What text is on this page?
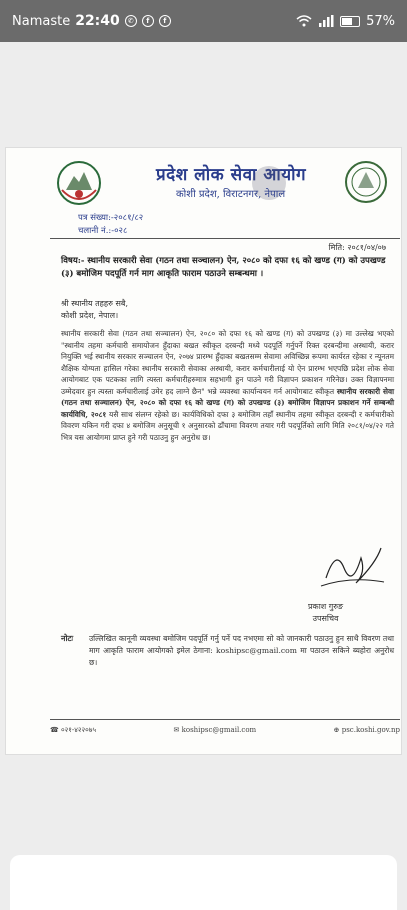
Namaste 22:40	✆	f	f	57%
प्रदेश लोक सेवा आयोग
कोशी प्रदेश, विराटनगर, नेपाल
पत्र संख्या:-२०८१/८२
चलानी नं.:-०२८
मिति: २०८१/०४/०७
विषय:- स्थानीय सरकारी सेवा (गठन तथा सञ्चालन) ऐन, २०८० को दफा १६ को खण्ड (ग) को उपखण्ड (३) बमोजिम पदपूर्ति गर्न माग आकृति फाराम पठाउने सम्बन्धमा ।
श्री स्थानीय तहहरु सबै,
कोशी प्रदेश, नेपाल।
स्थानीय सरकारी सेवा (गठन तथा सञ्चालन) ऐन, २०८० को दफा १६ को खण्ड (ग) को उपखण्ड (३) मा उल्लेख भएको "स्थानीय तहमा कर्मचारी समायोजन हुँदाका बखत स्वीकृत दरबन्दी मध्ये पदपूर्ति गर्नुपर्ने रिक्त दरबन्दीमा अस्थायी, करार नियुक्ति भई स्थानीय सरकार सञ्चालन ऐन, २०७४ प्रारम्भ हुँदाका बखतसम्म सेवामा अविच्छिन्न रूपमा कार्यरत रहेका र न्यूनतम शैक्षिक योग्यता हासिल गरेका स्थानीय सरकारी सेवाका अस्थायी, करार कर्मचारीलाई यो ऐन प्रारम्भ भएपछि प्रदेश लोक सेवा आयोगबाट एक पटकका लागि त्यस्ता कर्मचारीहरुमात्र सहभागी हुन पाउने गरी विज्ञापन प्रकाशन गरिनेछ। उक्त विज्ञापनमा उम्मेदवार हुन त्यस्ता कर्मचारीलाई उमेर हद लाग्ने छैन" भन्ने व्यवस्था कार्यान्वयन गर्न आयोगबाट स्वीकृत स्थानीय सरकारी सेवा (गठन तथा सञ्चालन) ऐन, २०८० को दफा १६ को खण्ड (ग) को उपखण्ड (३) बमोजिम विज्ञापन प्रकाशन गर्ने सम्बन्धी कार्यविधि, २०८१ यसै साथ संलग्न रहेको छ। कार्यविधिको दफा ३ बमोजिम तहाँ स्थानीय तहमा स्वीकृत दरबन्दी र कर्मचारीको विवरण यकिन गरी दफा ४ बमोजिम अनुसूची १ अनुसारको ढाँचामा विवरण तयार गरी पदपूर्तिको लागि मिति २०८१/०४/२२ गते भित्र यस आयोगमा प्राप्त हुने गरी पठाउनु हुन अनुरोध छ।
प्रकाश गुरुङ
उपसचिव
नोटः उल्लिखित कानूनी व्यवस्था बमोजिम पदपूर्ति गर्नु पर्ने पद नभएमा सो को जानकारी पठाउनु हुन साथै विवरण तथा माग आकृति फाराम आयोगको इमेल ठेगाना: koshipsc@gmail.com मा पठाउन सकिने ब्यहोरा अनुरोध छ।
☎ ०२१-४२२०७५	✉ koshipsc@gmail.com	⊕ psc.koshi.gov.np
